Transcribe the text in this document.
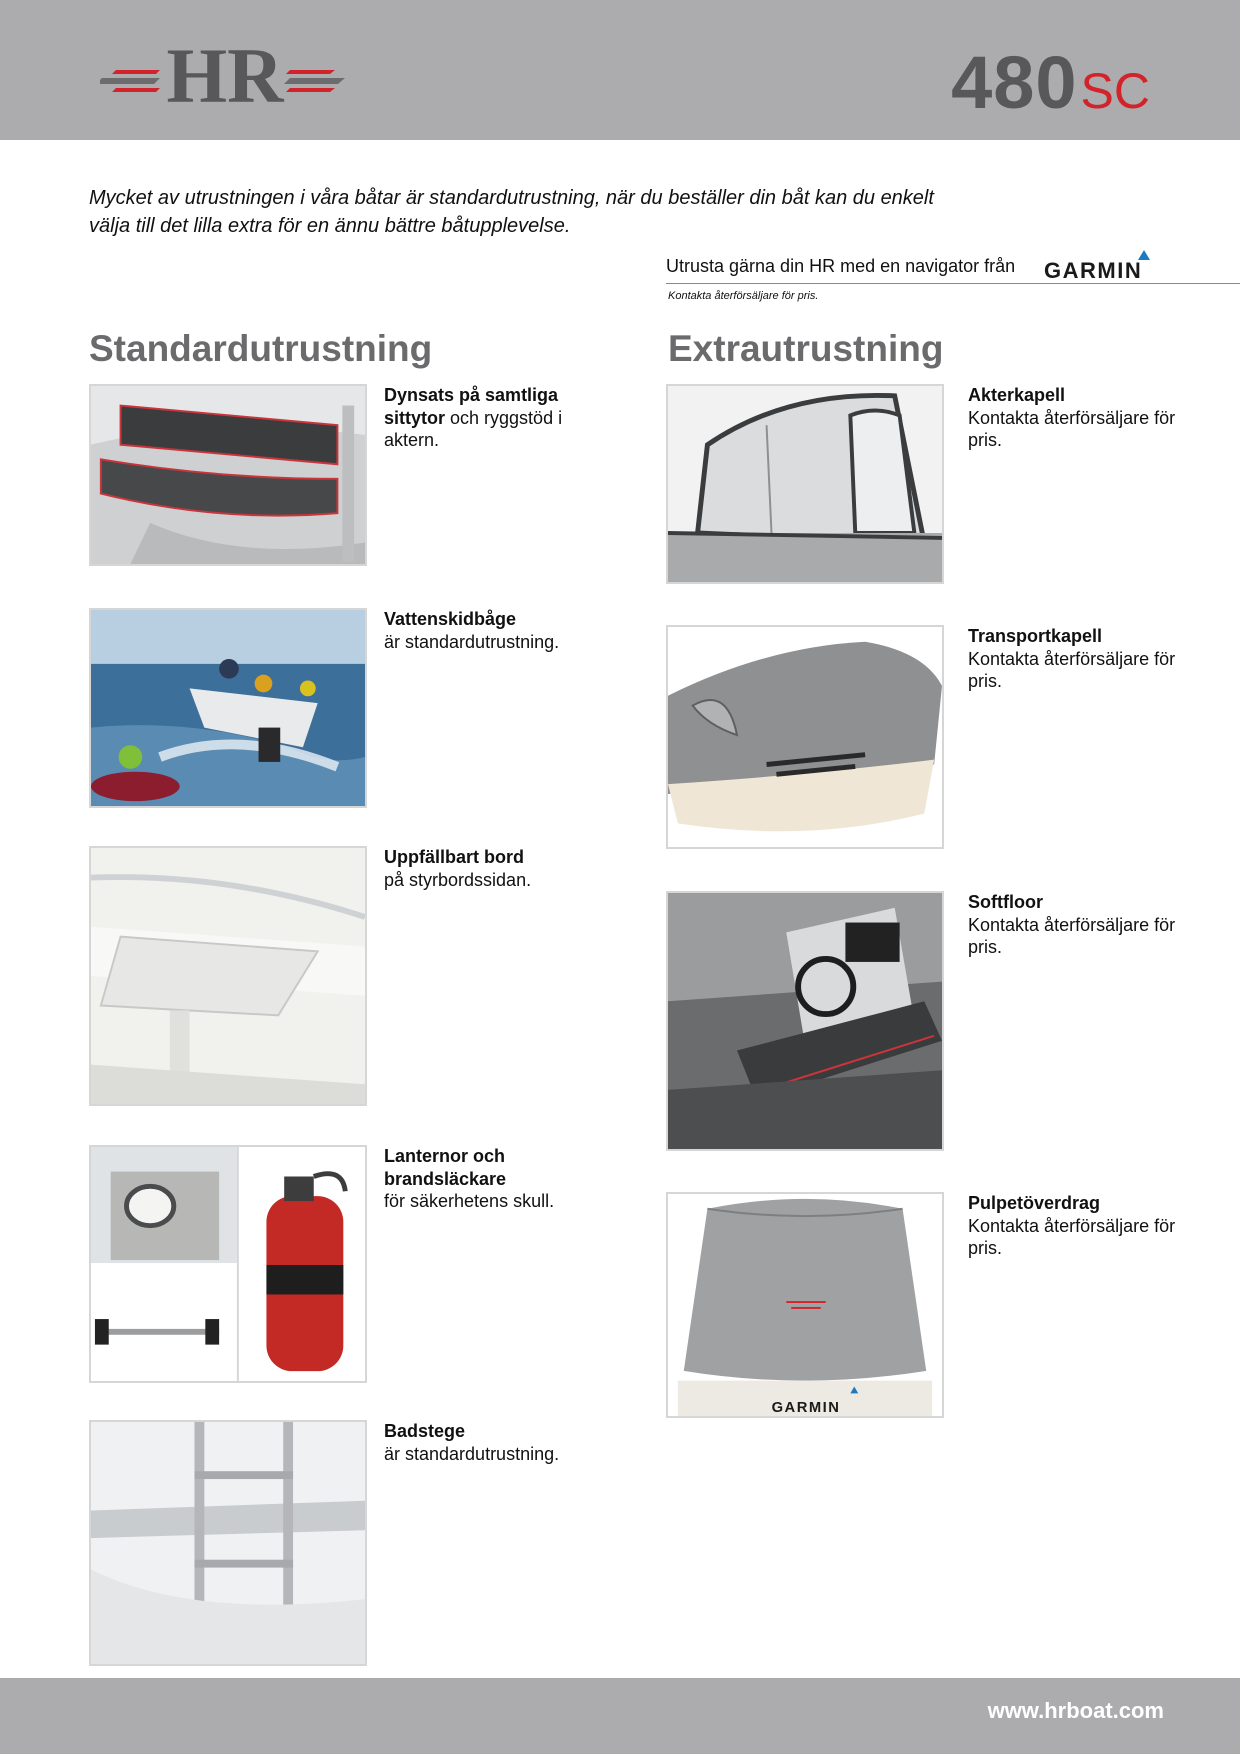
HR	480 SC

Mycket av utrustningen i våra båtar är standardutrustning, när du beställer din båt kan du enkelt välja till det lilla extra för en ännu bättre båtupplevelse.

Utrusta gärna din HR med en navigator från GARMIN
Kontakta återförsäljare för pris.
Standardutrustning	Extrautrustning
Dynsats på samtliga sittytor och ryggstöd i aktern.
Vattenskidbåge
är standardutrustning.
Uppfällbart bord
på styrbordssidan.
Lanternor och brandsläckare
för säkerhetens skull.
Badstege
är standardutrustning.
Akterkapell
Kontakta återförsäljare för pris.
Transportkapell
Kontakta återförsäljare för pris.
Softfloor
Kontakta återförsäljare för pris.
GARMIN
Pulpetöverdrag
Kontakta återförsäljare för pris.
www.hrboat.com
